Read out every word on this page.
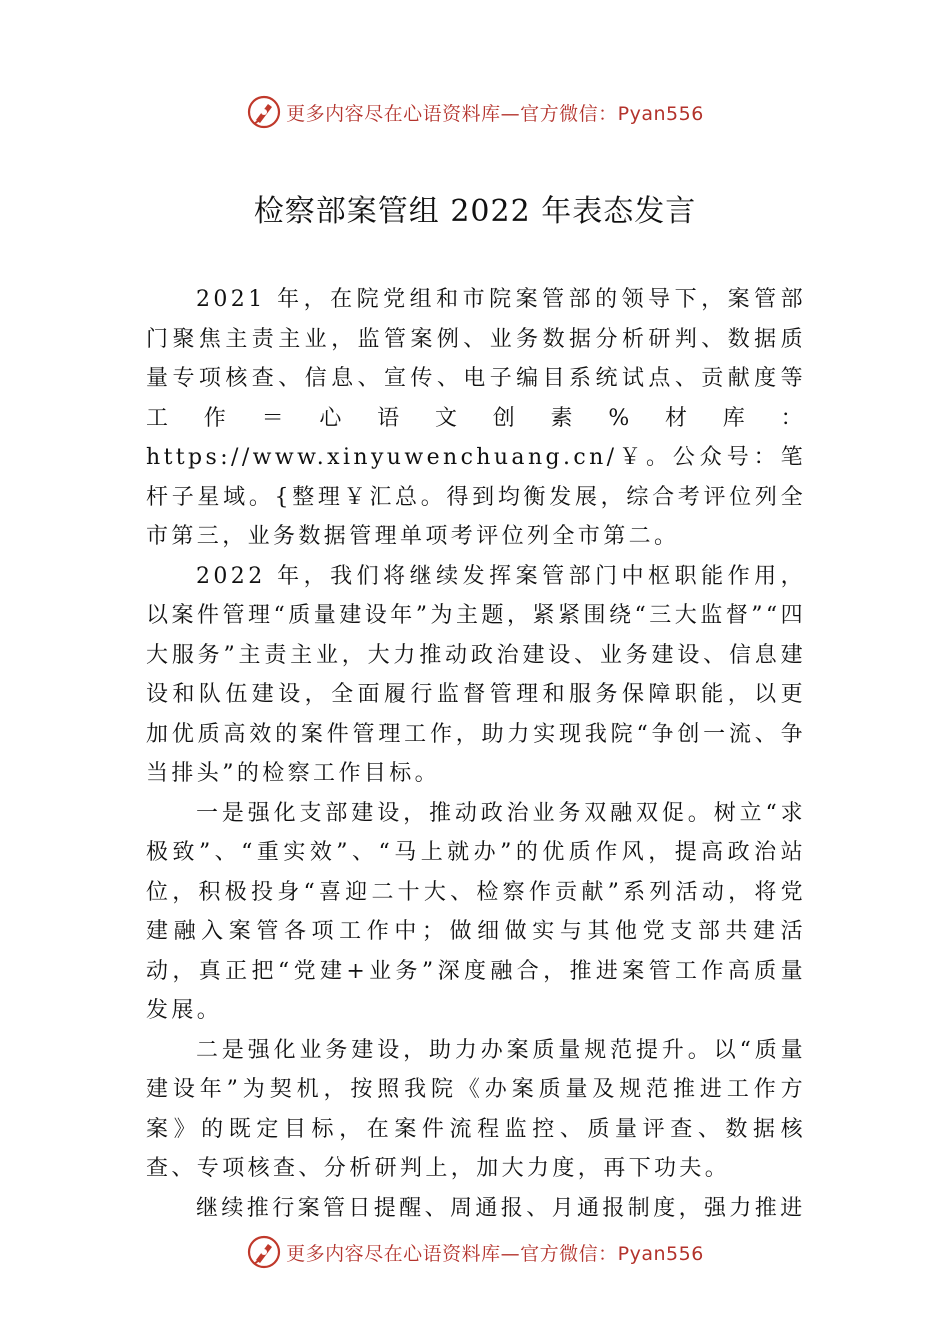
更多内容尽在心语资料库—官方微信：Pyan556
检察部案管组 2022 年表态发言

2021 年，在院党组和市院案管部的领导下，案管部门聚焦主责主业，监管案例、业务数据分析研判、数据质量专项核查、信息、宣传、电子编目系统试点、贡献度等工作＝心语文创素%材库：https://www.xinyuwenchuang.cn/￥。公众号：笔杆子星域。{整理￥汇总。得到均衡发展，综合考评位列全市第三，业务数据管理单项考评位列全市第二。

2022 年，我们将继续发挥案管部门中枢职能作用，以案件管理“质量建设年”为主题，紧紧围绕“三大监督”“四大服务”主责主业，大力推动政治建设、业务建设、信息建设和队伍建设，全面履行监督管理和服务保障职能，以更加优质高效的案件管理工作，助力实现我院“争创一流、争当排头”的检察工作目标。

一是强化支部建设，推动政治业务双融双促。树立“求极致”、“重实效”、“马上就办”的优质作风，提高政治站位，积极投身“喜迎二十大、检察作贡献”系列活动，将党建融入案管各项工作中；做细做实与其他党支部共建活动，真正把“党建+业务”深度融合，推进案管工作高质量发展。

二是强化业务建设，助力办案质量规范提升。以“质量建设年”为契机，按照我院《办案质量及规范推进工作方案》的既定目标，在案件流程监控、质量评查、数据核查、专项核查、分析研判上，加大力度，再下功夫。

继续推行案管日提醒、周通报、月通报制度，强力推进

更多内容尽在心语资料库—官方微信：Pyan556
